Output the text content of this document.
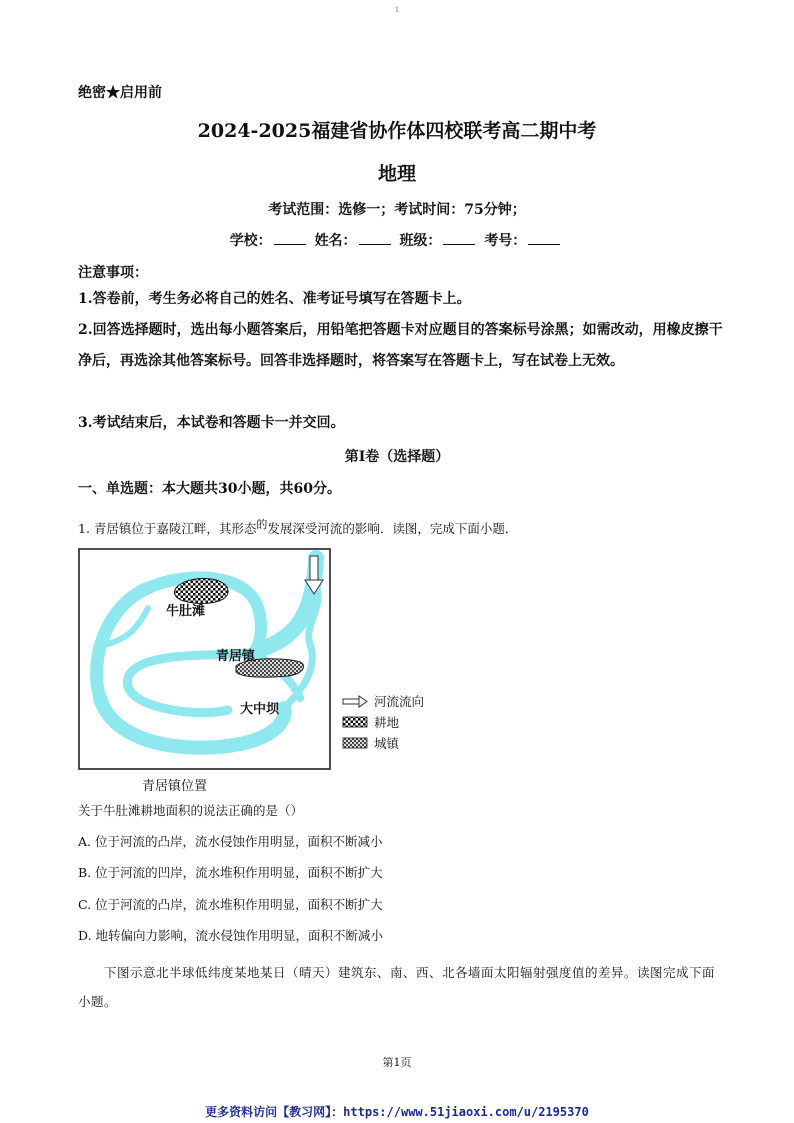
1
绝密★启用前
2024-2025福建省协作体四校联考高二期中考
地理
考试范围：选修一；考试时间：75分钟；
学校：	姓名：	班级：	考号：
注意事项：
1.答卷前，考生务必将自己的姓名、准考证号填写在答题卡上。
2.回答选择题时，选出每小题答案后，用铅笔把答题卡对应题目的答案标号涂黑；如需改动，用橡皮擦干净后，再选涂其他答案标号。回答非选择题时，将答案写在答题卡上，写在试卷上无效。
3.考试结束后，本试卷和答题卡一并交回。
第I卷（选择题）
一、单选题：本大题共30小题，共60分。
1. 青居镇位于嘉陵江畔，其形态$^的$发展深受河流的影响．读图，完成下面小题．
牛肚滩
青居镇
大中坝
河流流向
耕地
城镇
青居镇位置
关于牛肚滩耕地面积的说法正确的是（）
A. 位于河流的凸岸，流水侵蚀作用明显，面积不断减小
B. 位于河流的凹岸，流水堆积作用明显，面积不断扩大
C. 位于河流的凸岸，流水堆积作用明显，面积不断扩大
D. 地转偏向力影响，流水侵蚀作用明显，面积不断减小
下图示意北半球低纬度某地某日（晴天）建筑东、南、西、北各墙面太阳辐射强度值的差异。读图完成下面小题。
第1页
更多资料访问【教习网】：https://www.51jiaoxi.com/u/2195370
